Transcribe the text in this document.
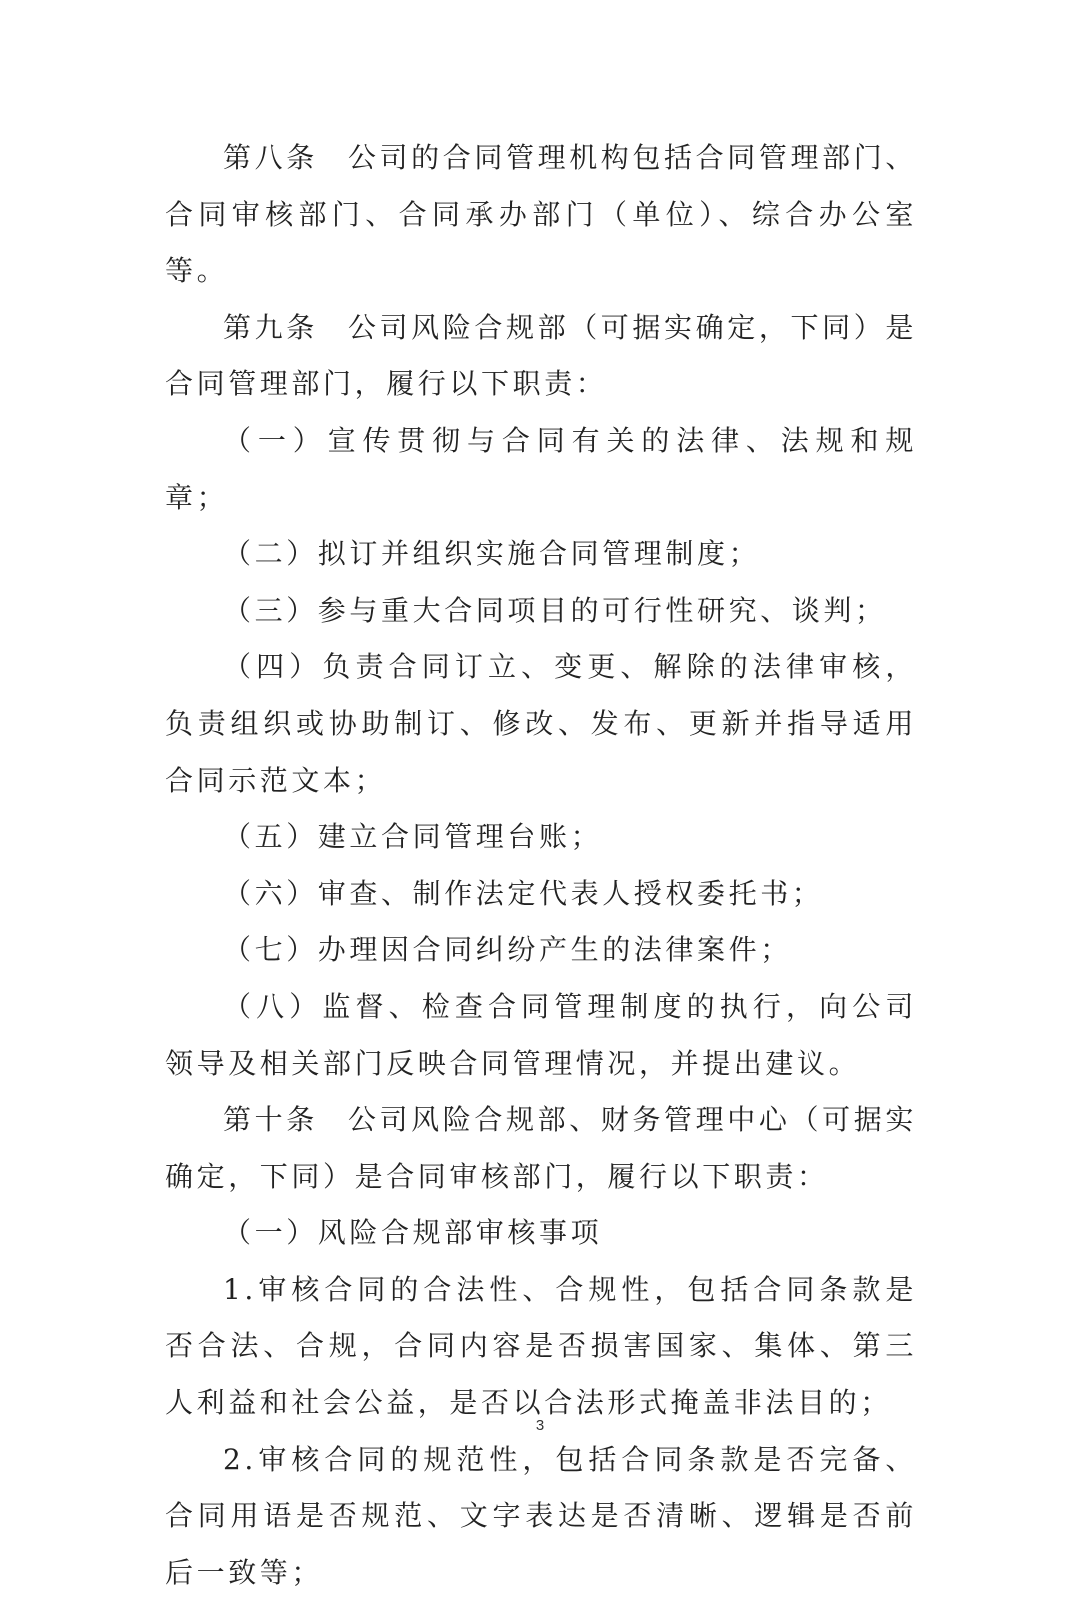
第八条 公司的合同管理机构包括合同管理部门、合同审核部门、合同承办部门（单位）、综合办公室等。

第九条 公司风险合规部（可据实确定，下同）是合同管理部门，履行以下职责：

（一）宣传贯彻与合同有关的法律、法规和规章；

（二）拟订并组织实施合同管理制度；

（三）参与重大合同项目的可行性研究、谈判；

（四）负责合同订立、变更、解除的法律审核，负责组织或协助制订、修改、发布、更新并指导适用合同示范文本；

（五）建立合同管理台账；

（六）审查、制作法定代表人授权委托书；

（七）办理因合同纠纷产生的法律案件；

（八）监督、检查合同管理制度的执行，向公司领导及相关部门反映合同管理情况，并提出建议。

第十条 公司风险合规部、财务管理中心（可据实确定，下同）是合同审核部门，履行以下职责：

（一）风险合规部审核事项

1.审核合同的合法性、合规性，包括合同条款是否合法、合规，合同内容是否损害国家、集体、第三人利益和社会公益，是否以合法形式掩盖非法目的；

2.审核合同的规范性，包括合同条款是否完备、合同用语是否规范、文字表达是否清晰、逻辑是否前后一致等；

3
